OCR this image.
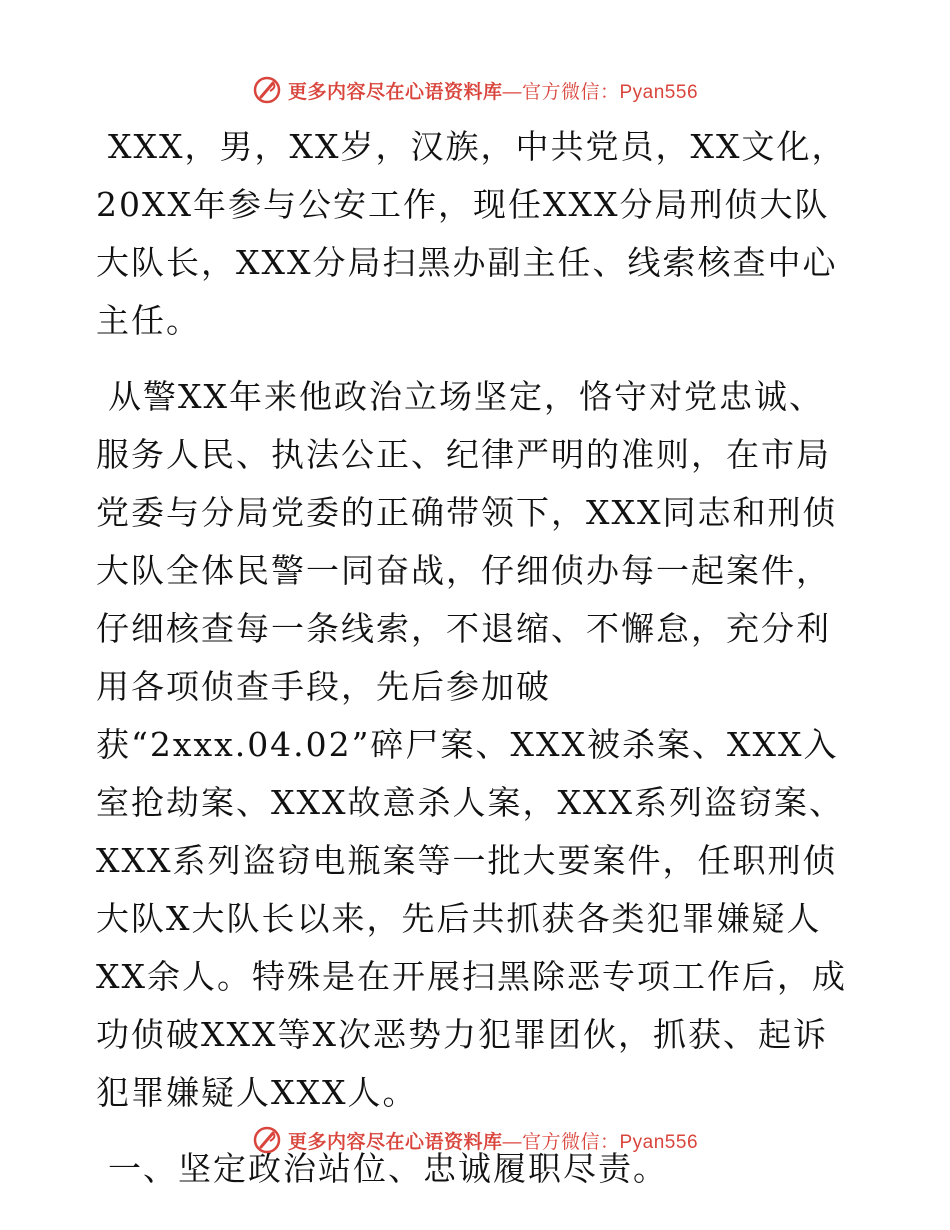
更多内容尽在心语资料库—官方微信：Pyan556

XXX，男，XX岁，汉族，中共党员，XX文化，20XX年参与公安工作，现任XXX分局刑侦大队大队长，XXX分局扫黑办副主任、线索核查中心主任。

从警XX年来他政治立场坚定，恪守对党忠诚、服务人民、执法公正、纪律严明的准则，在市局党委与分局党委的正确带领下，XXX同志和刑侦大队全体民警一同奋战，仔细侦办每一起案件，仔细核查每一条线索，不退缩、不懈怠，充分利用各项侦查手段，先后参加破获“2xxx.04.02”碎尸案、XXX被杀案、XXX入室抢劫案、XXX故意杀人案，XXX系列盗窃案、XXX系列盗窃电瓶案等一批大要案件，任职刑侦大队X大队长以来，先后共抓获各类犯罪嫌疑人XX余人。特殊是在开展扫黑除恶专项工作后，成功侦破XXX等X次恶势力犯罪团伙，抓获、起诉犯罪嫌疑人XXX人。

一、坚定政治站位、忠诚履职尽责。

更多内容尽在心语资料库—官方微信：Pyan556
